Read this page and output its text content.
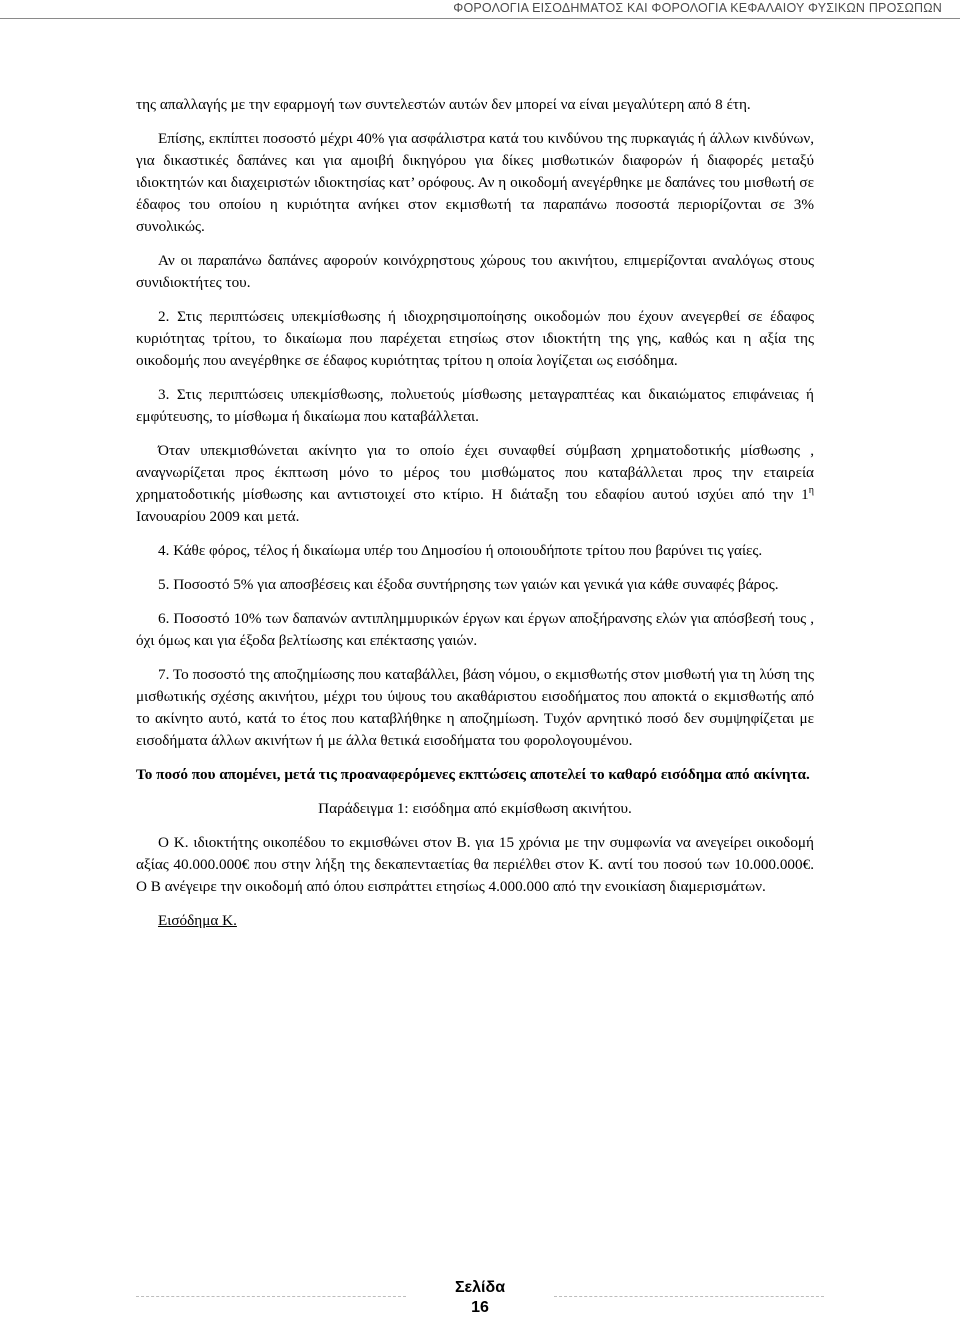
ΦΟΡΟΛΟΓΙΑ ΕΙΣΟΔΗΜΑΤΟΣ ΚΑΙ ΦΟΡΟΛΟΓΙΑ ΚΕΦΑΛΑΙΟΥ ΦΥΣΙΚΩΝ ΠΡΟΣΩΠΩΝ

της απαλλαγής με την εφαρμογή των συντελεστών αυτών δεν μπορεί να είναι μεγαλύτερη από 8 έτη.

Επίσης, εκπίπτει ποσοστό μέχρι 40% για ασφάλιστρα κατά του κινδύνου της πυρκαγιάς ή άλλων κινδύνων, για δικαστικές δαπάνες και για αμοιβή δικηγόρου για δίκες μισθωτικών διαφορών ή διαφορές μεταξύ ιδιοκτητών και διαχειριστών ιδιοκτησίας κατ’ ορόφους. Αν η οικοδομή ανεγέρθηκε με δαπάνες του μισθωτή σε έδαφος του οποίου η κυριότητα ανήκει στον εκμισθωτή τα παραπάνω ποσοστά περιορίζονται σε 3% συνολικώς.

Αν οι παραπάνω δαπάνες αφορούν κοινόχρηστους χώρους του ακινήτου, επιμερίζονται αναλόγως στους συνιδιοκτήτες του.

2. Στις περιπτώσεις υπεκμίσθωσης ή ιδιοχρησιμοποίησης οικοδομών που έχουν ανεγερθεί σε έδαφος κυριότητας τρίτου, το δικαίωμα που παρέχεται ετησίως στον ιδιοκτήτη της γης, καθώς και η αξία της οικοδομής που ανεγέρθηκε σε έδαφος κυριότητας τρίτου η οποία λογίζεται ως εισόδημα.

3. Στις περιπτώσεις υπεκμίσθωσης, πολυετούς μίσθωσης μεταγραπτέας και δικαιώματος επιφάνειας ή εμφύτευσης, το μίσθωμα ή δικαίωμα που καταβάλλεται.

Όταν υπεκμισθώνεται ακίνητο για το οποίο έχει συναφθεί σύμβαση χρηματοδοτικής μίσθωσης , αναγνωρίζεται προς έκπτωση μόνο το μέρος του μισθώματος που καταβάλλεται προς την εταιρεία χρηματοδοτικής μίσθωσης και αντιστοιχεί στο κτίριο. Η διάταξη του εδαφίου αυτού ισχύει από την $1^\eta$ Ιανουαρίου 2009 και μετά.

4. Κάθε φόρος, τέλος ή δικαίωμα υπέρ του Δημοσίου ή οποιουδήποτε τρίτου που βαρύνει τις γαίες.

5. Ποσοστό 5% για αποσβέσεις και έξοδα συντήρησης των γαιών και γενικά για κάθε συναφές βάρος.

6. Ποσοστό 10% των δαπανών αντιπλημμυρικών έργων και έργων αποξήρανσης ελών για απόσβεσή τους , όχι όμως και για έξοδα βελτίωσης και επέκτασης γαιών.

7. Το ποσοστό της αποζημίωσης που καταβάλλει, βάση νόμου, ο εκμισθωτής στον μισθωτή για τη λύση της μισθωτικής σχέσης ακινήτου, μέχρι του ύψους του ακαθάριστου εισοδήματος που αποκτά ο εκμισθωτής από το ακίνητο αυτό, κατά το έτος που καταβλήθηκε η αποζημίωση. Τυχόν αρνητικό ποσό δεν συμψηφίζεται με εισοδήματα άλλων ακινήτων ή με άλλα θετικά εισοδήματα του φορολογουμένου.

Το ποσό που απομένει, μετά τις προαναφερόμενες εκπτώσεις αποτελεί το καθαρό εισόδημα από ακίνητα.

Παράδειγμα 1: εισόδημα από εκμίσθωση ακινήτου.

Ο Κ. ιδιοκτήτης οικοπέδου το εκμισθώνει στον Β. για 15 χρόνια με την συμφωνία να ανεγείρει οικοδομή αξίας 40.000.000€ που στην λήξη της δεκαπενταετίας θα περιέλθει στον Κ. αντί του ποσού των 10.000.000€. Ο Β ανέγειρε την οικοδομή από όπου εισπράττει ετησίως 4.000.000 από την ενοικίαση διαμερισμάτων.

Εισόδημα Κ.

Σελίδα
16
